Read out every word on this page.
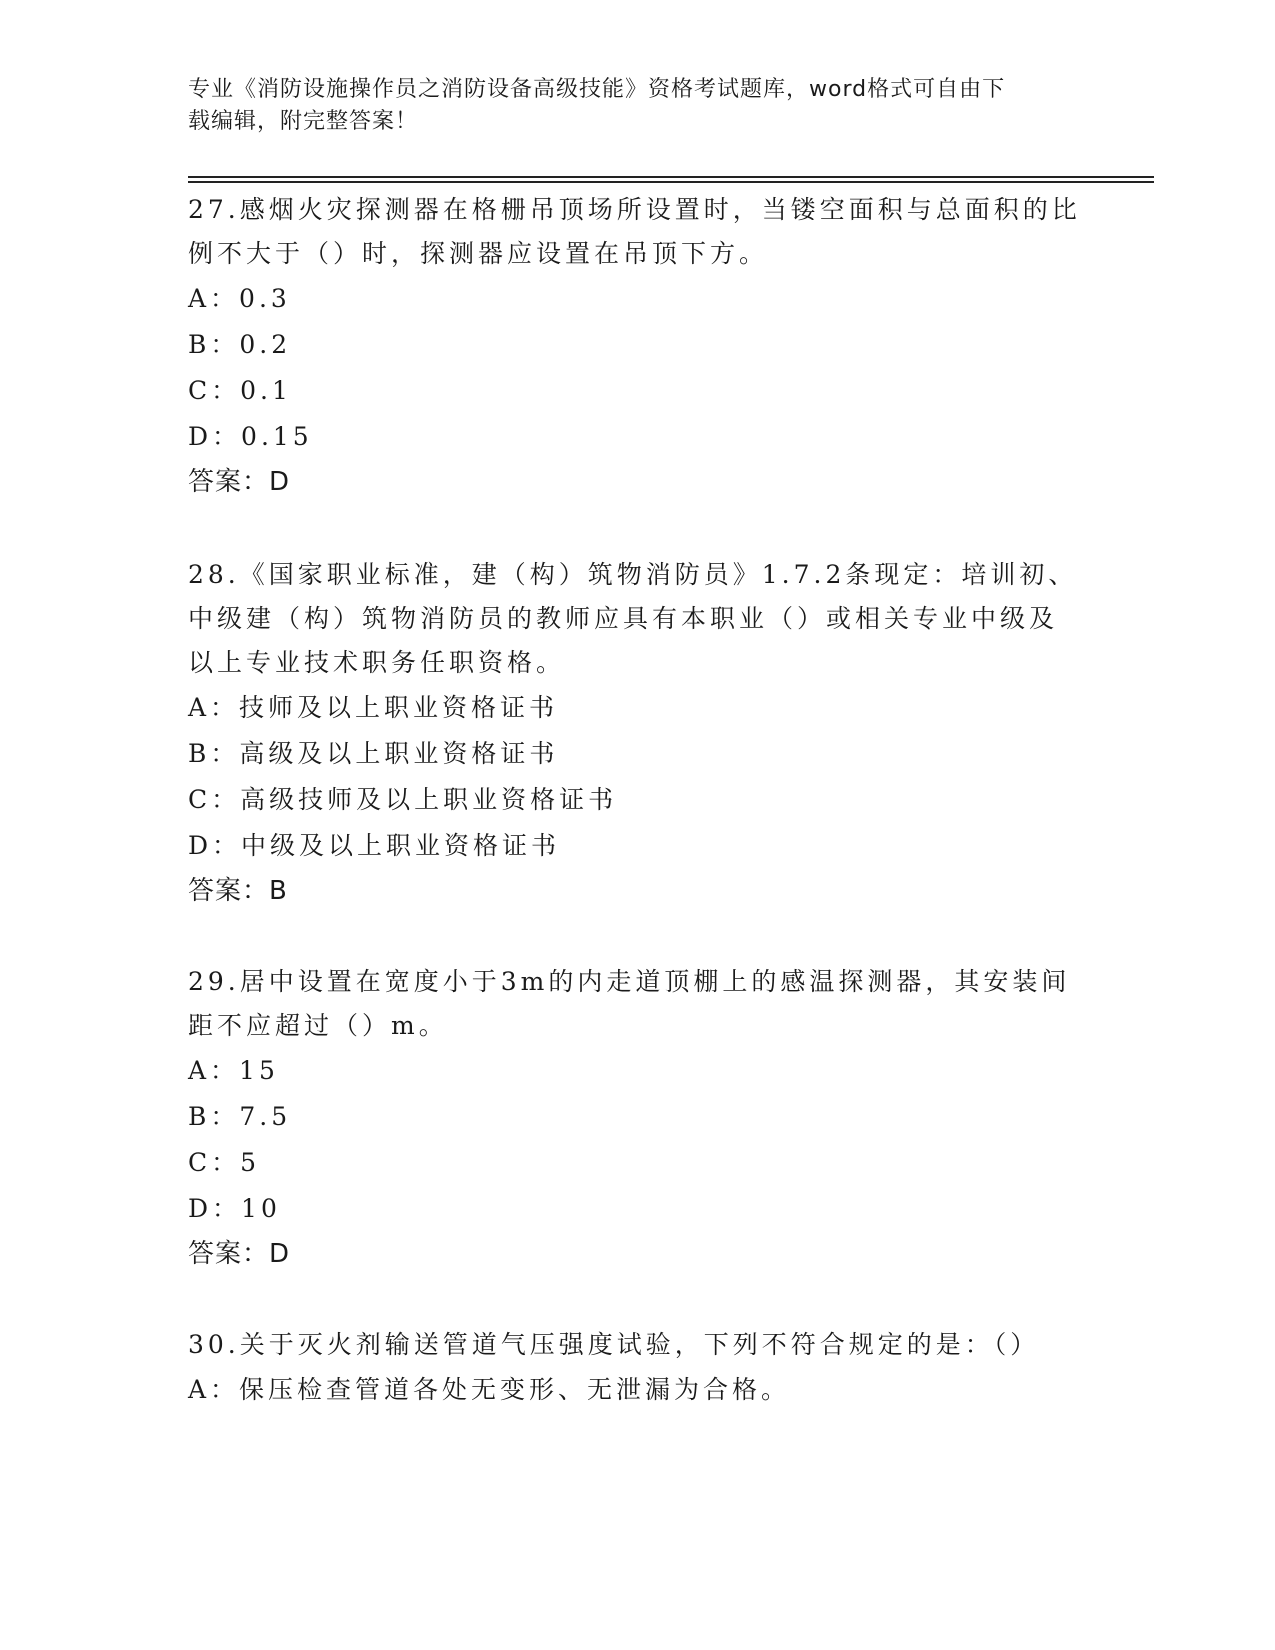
专业《消防设施操作员之消防设备高级技能》资格考试题库，word格式可自由下
载编辑，附完整答案！

27.感烟火灾探测器在格栅吊顶场所设置时，当镂空面积与总面积的比

例不大于（）时，探测器应设置在吊顶下方。

A：0.3

B：0.2

C：0.1

D：0.15

答案：D

28.《国家职业标准，建（构）筑物消防员》1.7.2条现定：培训初、

中级建（构）筑物消防员的教师应具有本职业（）或相关专业中级及

以上专业技术职务任职资格。

A：技师及以上职业资格证书

B：高级及以上职业资格证书

C：高级技师及以上职业资格证书

D：中级及以上职业资格证书

答案：B

29.居中设置在宽度小于3m的内走道顶棚上的感温探测器，其安装间

距不应超过（）m。

A：15

B：7.5

C：5

D：10

答案：D

30.关于灭火剂输送管道气压强度试验，下列不符合规定的是：（）

A：保压检查管道各处无变形、无泄漏为合格。
